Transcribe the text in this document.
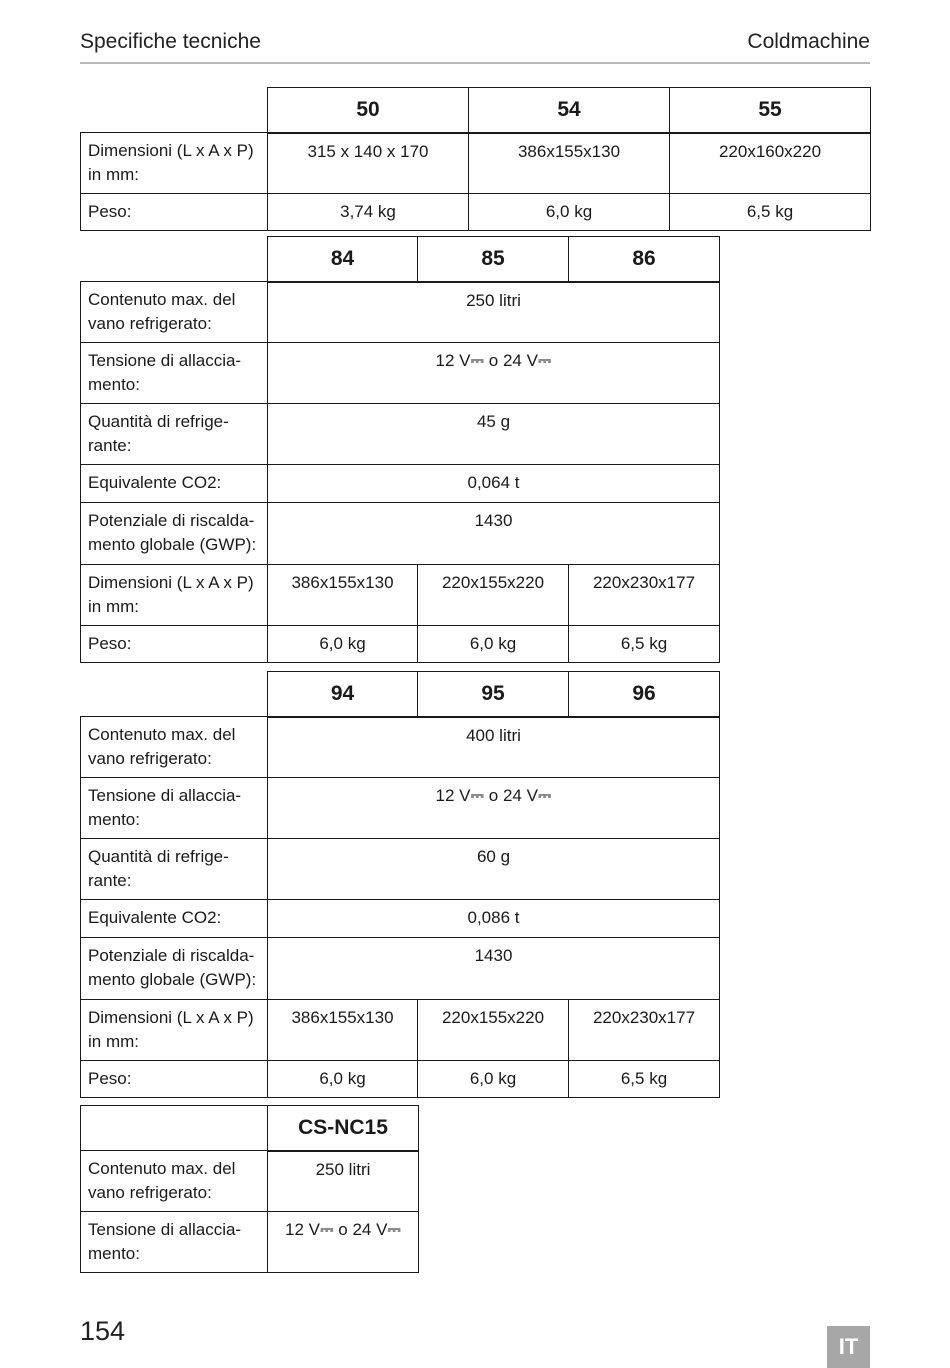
Specifiche tecniche	Coldmachine
	50	54	55
Dimensioni (L x A x P) in mm:	315 x 140 x 170	386x155x130	220x160x220
Peso:	3,74 kg	6,0 kg	6,5 kg
	84	85	86
Contenuto max. del vano refrigerato:	250 litri		
Tensione di allaccia-mento:	12 V⎓ o 24 V⎓		
Quantità di refrige-rante:	45 g		
Equivalente CO2:	0,064 t		
Potenziale di riscalda-mento globale (GWP):	1430		
Dimensioni (L x A x P) in mm:	386x155x130	220x155x220	220x230x177
Peso:	6,0 kg	6,0 kg	6,5 kg
	94	95	96
Contenuto max. del vano refrigerato:	400 litri		
Tensione di allaccia-mento:	12 V⎓ o 24 V⎓		
Quantità di refrige-rante:	60 g		
Equivalente CO2:	0,086 t		
Potenziale di riscalda-mento globale (GWP):	1430		
Dimensioni (L x A x P) in mm:	386x155x130	220x155x220	220x230x177
Peso:	6,0 kg	6,0 kg	6,5 kg
	CS-NC15
Contenuto max. del vano refrigerato:	250 litri
Tensione di allaccia-mento:	12 V⎓ o 24 V⎓
154
IT
